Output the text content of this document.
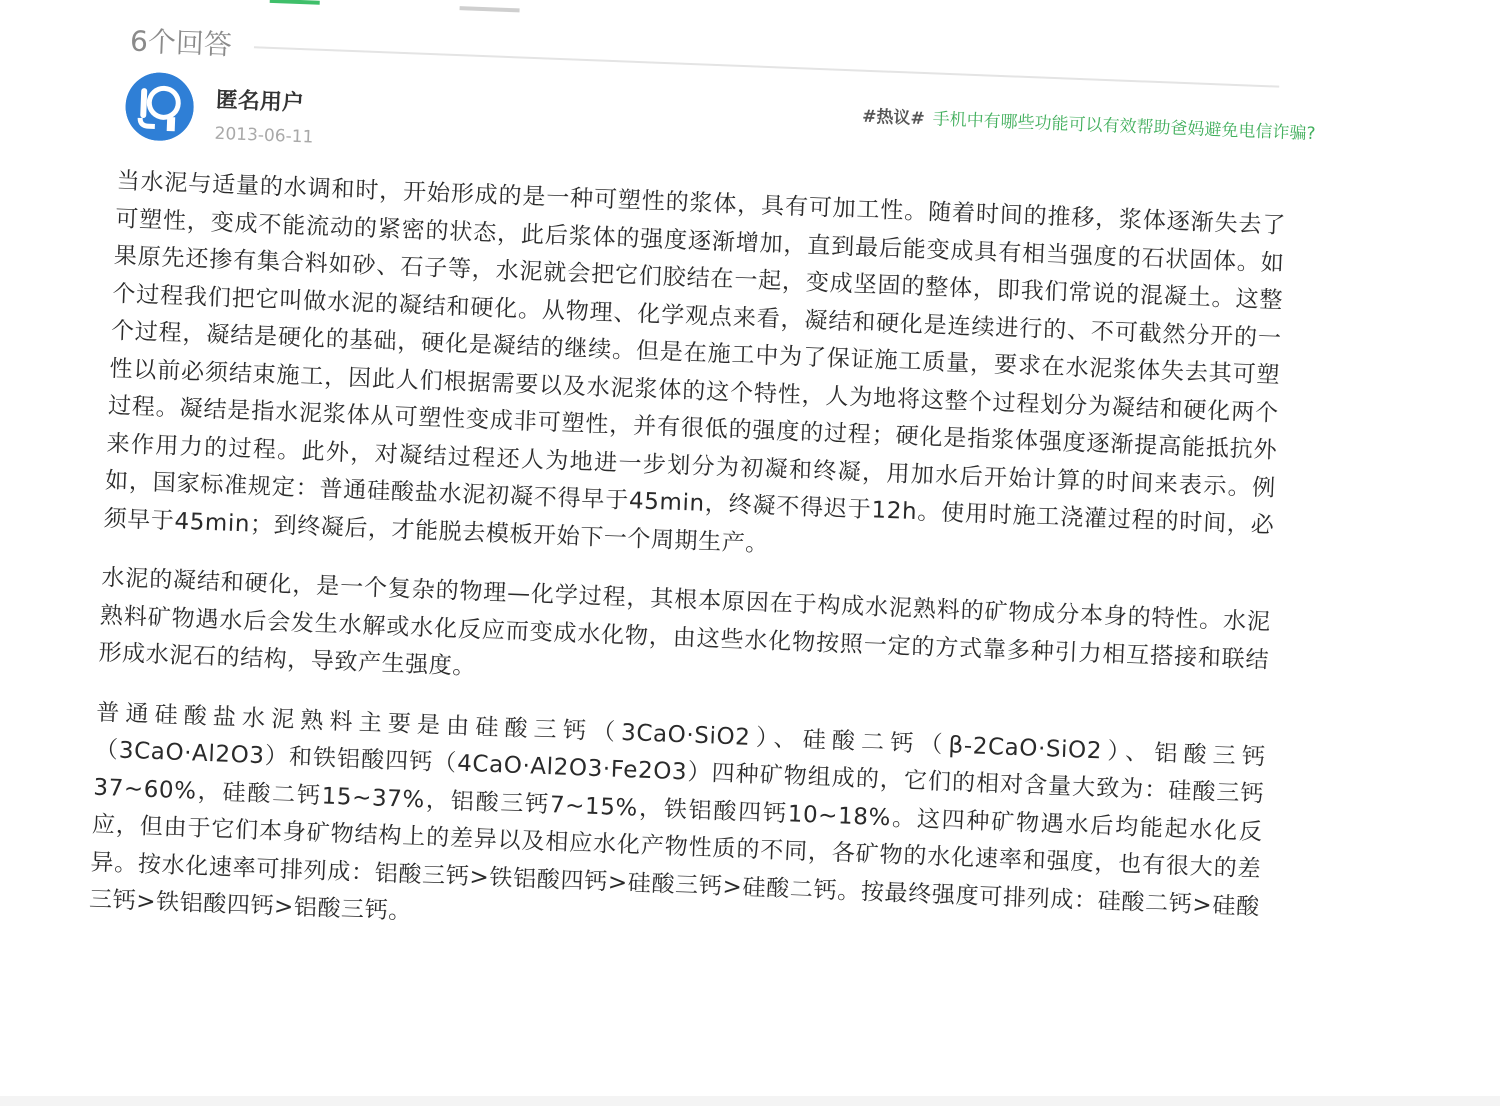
6个回答
匿名用户
2013-06-11
#热议# 手机中有哪些功能可以有效帮助爸妈避免电信诈骗?

当水泥与适量的水调和时，开始形成的是一种可塑性的浆体，具有可加工性。随着时间的推移，浆体逐渐失去了可塑性，变成不能流动的紧密的状态，此后浆体的强度逐渐增加，直到最后能变成具有相当强度的石状固体。如果原先还掺有集合料如砂、石子等，水泥就会把它们胶结在一起，变成坚固的整体，即我们常说的混凝土。这整个过程我们把它叫做水泥的凝结和硬化。从物理、化学观点来看，凝结和硬化是连续进行的、不可截然分开的一个过程，凝结是硬化的基础，硬化是凝结的继续。但是在施工中为了保证施工质量，要求在水泥浆体失去其可塑性以前必须结束施工，因此人们根据需要以及水泥浆体的这个特性，人为地将这整个过程划分为凝结和硬化两个过程。凝结是指水泥浆体从可塑性变成非可塑性，并有很低的强度的过程；硬化是指浆体强度逐渐提高能抵抗外来作用力的过程。此外，对凝结过程还人为地进一步划分为初凝和终凝，用加水后开始计算的时间来表示。例如，国家标准规定：普通硅酸盐水泥初凝不得早于45min，终凝不得迟于12h。使用时施工浇灌过程的时间，必须早于45min；到终凝后，才能脱去模板开始下一个周期生产。

水泥的凝结和硬化，是一个复杂的物理—化学过程，其根本原因在于构成水泥熟料的矿物成分本身的特性。水泥熟料矿物遇水后会发生水解或水化反应而变成水化物，由这些水化物按照一定的方式靠多种引力相互搭接和联结形成水泥石的结构，导致产生强度。

普通硅酸盐水泥熟料主要是由硅酸三钙（3CaO·SiO2）、硅酸二钙（β-2CaO·SiO2）、铝酸三钙（3CaO·Al2O3）和铁铝酸四钙（4CaO·Al2O3·Fe2O3）四种矿物组成的，它们的相对含量大致为：硅酸三钙37~60%，硅酸二钙15~37%，铝酸三钙7~15%，铁铝酸四钙10~18%。这四种矿物遇水后均能起水化反应，但由于它们本身矿物结构上的差异以及相应水化产物性质的不同，各矿物的水化速率和强度，也有很大的差异。按水化速率可排列成：铝酸三钙>铁铝酸四钙>硅酸三钙>硅酸二钙。按最终强度可排列成：硅酸二钙>硅酸三钙>铁铝酸四钙>铝酸三钙。
